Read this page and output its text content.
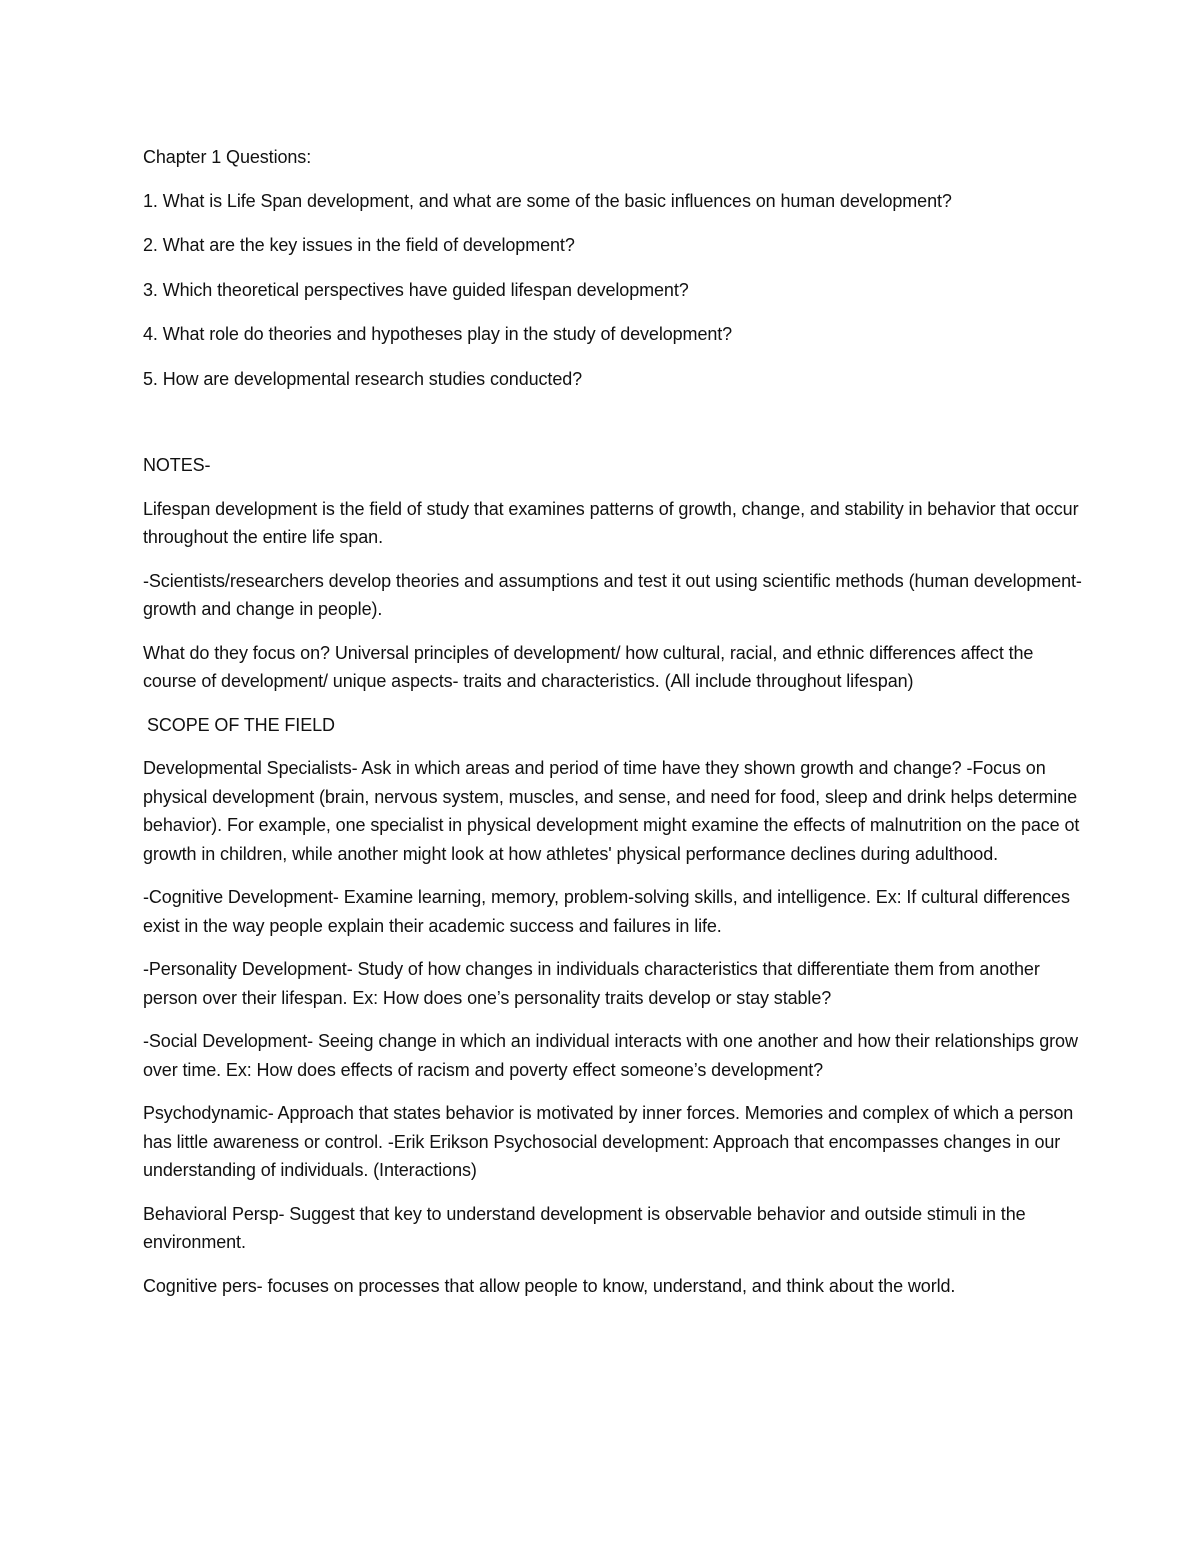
Chapter 1 Questions:

1. What is Life Span development, and what are some of the basic influences on human development?

2. What are the key issues in the field of development?

3. Which theoretical perspectives have guided lifespan development?

4. What role do theories and hypotheses play in the study of development?

5. How are developmental research studies conducted?

NOTES-

Lifespan development is the field of study that examines patterns of growth, change, and stability in behavior that occur throughout the entire life span.

-Scientists/researchers develop theories and assumptions and test it out using scientific methods (human development- growth and change in people).

What do they focus on? Universal principles of development/ how cultural, racial, and ethnic differences affect the course of development/ unique aspects- traits and characteristics. (All include throughout lifespan)

SCOPE OF THE FIELD

Developmental Specialists- Ask in which areas and period of time have they shown growth and change? -Focus on physical development (brain, nervous system, muscles, and sense, and need for food, sleep and drink helps determine behavior). For example, one specialist in physical development might examine the effects of malnutrition on the pace ot growth in children, while another might look at how athletes' physical performance declines during adulthood.

-Cognitive Development- Examine learning, memory, problem-solving skills, and intelligence. Ex: If cultural differences exist in the way people explain their academic success and failures in life.

-Personality Development- Study of how changes in individuals characteristics that differentiate them from another person over their lifespan. Ex: How does one’s personality traits develop or stay stable?

-Social Development- Seeing change in which an individual interacts with one another and how their relationships grow over time. Ex: How does effects of racism and poverty effect someone’s development?

Psychodynamic- Approach that states behavior is motivated by inner forces. Memories and complex of which a person has little awareness or control. -Erik Erikson Psychosocial development: Approach that encompasses changes in our understanding of individuals. (Interactions)

Behavioral Persp- Suggest that key to understand development is observable behavior and outside stimuli in the environment.

Cognitive pers- focuses on processes that allow people to know, understand, and think about the world.
